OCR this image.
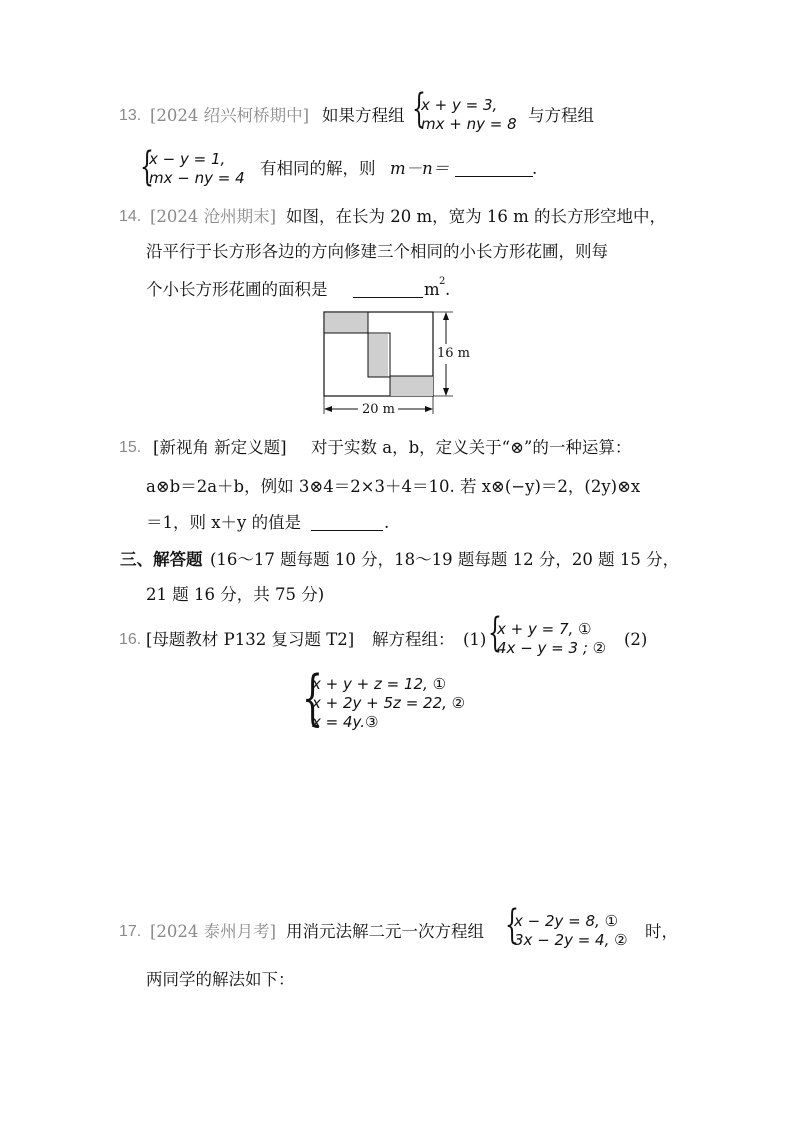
13. [2024 绍兴柯桥期中] 如果方程组 {
x + y = 3,
mx + ny = 8 与方程组
{
x − y = 1,
mx − ny = 4 有相同的解，则 m－n＝	.
14. [2024 沧州期末] 如图，在长为 20 m，宽为 16 m 的长方形空地中，
沿平行于长方形各边的方向修建三个相同的小长方形花圃，则每
个小长方形花圃的面积是	m 2 .
16 m
20 m
15. [新视角 新定义题] 对于实数 a，b，定义关于“⊗”的一种运算：
a⊗b＝2a＋b，例如 3⊗4＝2×3＋4＝10. 若 x⊗(−y)＝2，(2y)⊗x
＝1，则 x＋y 的值是	.
三、解答题 (16～17 题每题 10 分，18～19 题每题 12 分，20 题 15 分，
21 题 16 分，共 75 分)
16. [母题教材 P132 复习题 T2] 解方程组： (1) {
x + y = 7, ①
4x − y = 3 ; ② (2)
{
x + y + z = 12, ①
x + 2y + 5z = 22, ②
x = 4y.③
17. [2024 泰州月考] 用消元法解二元一次方程组 {
x − 2y = 8, ①
3x − 2y = 4, ② 时，
两同学的解法如下：
